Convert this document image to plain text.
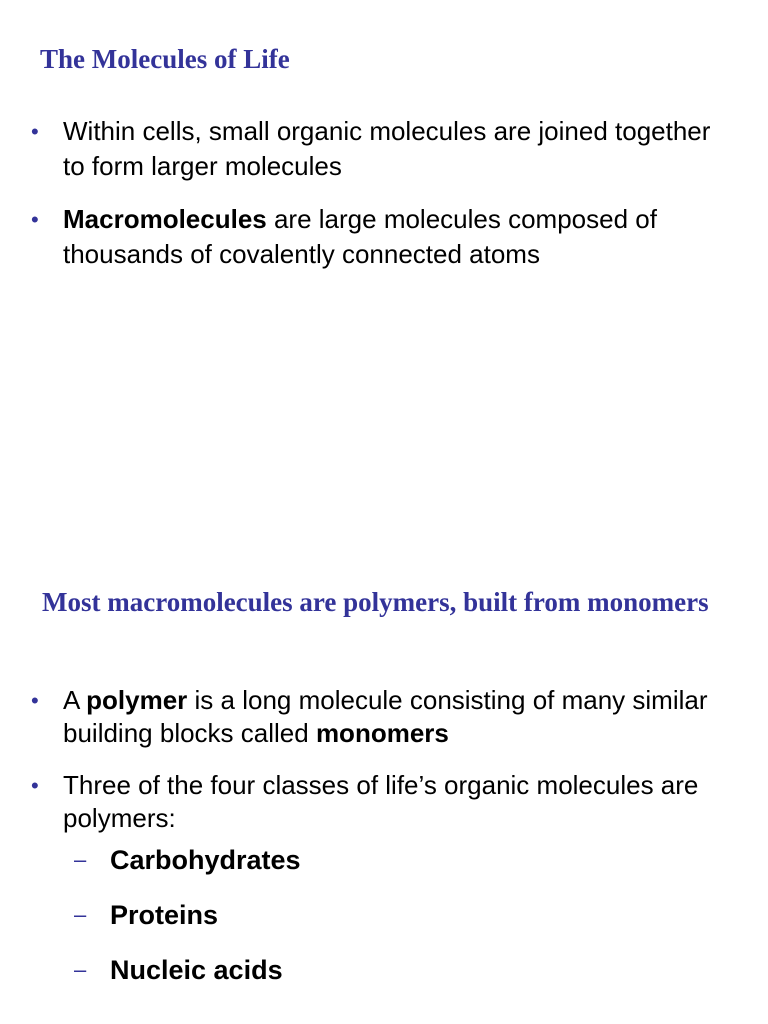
The Molecules of Life
• Within cells, small organic molecules are joined together to form larger molecules
• Macromolecules are large molecules composed of thousands of covalently connected atoms
Most macromolecules are polymers, built from monomers
• A polymer is a long molecule consisting of many similar building blocks called monomers
• Three of the four classes of life’s organic molecules are polymers:
– Carbohydrates
– Proteins
– Nucleic acids
